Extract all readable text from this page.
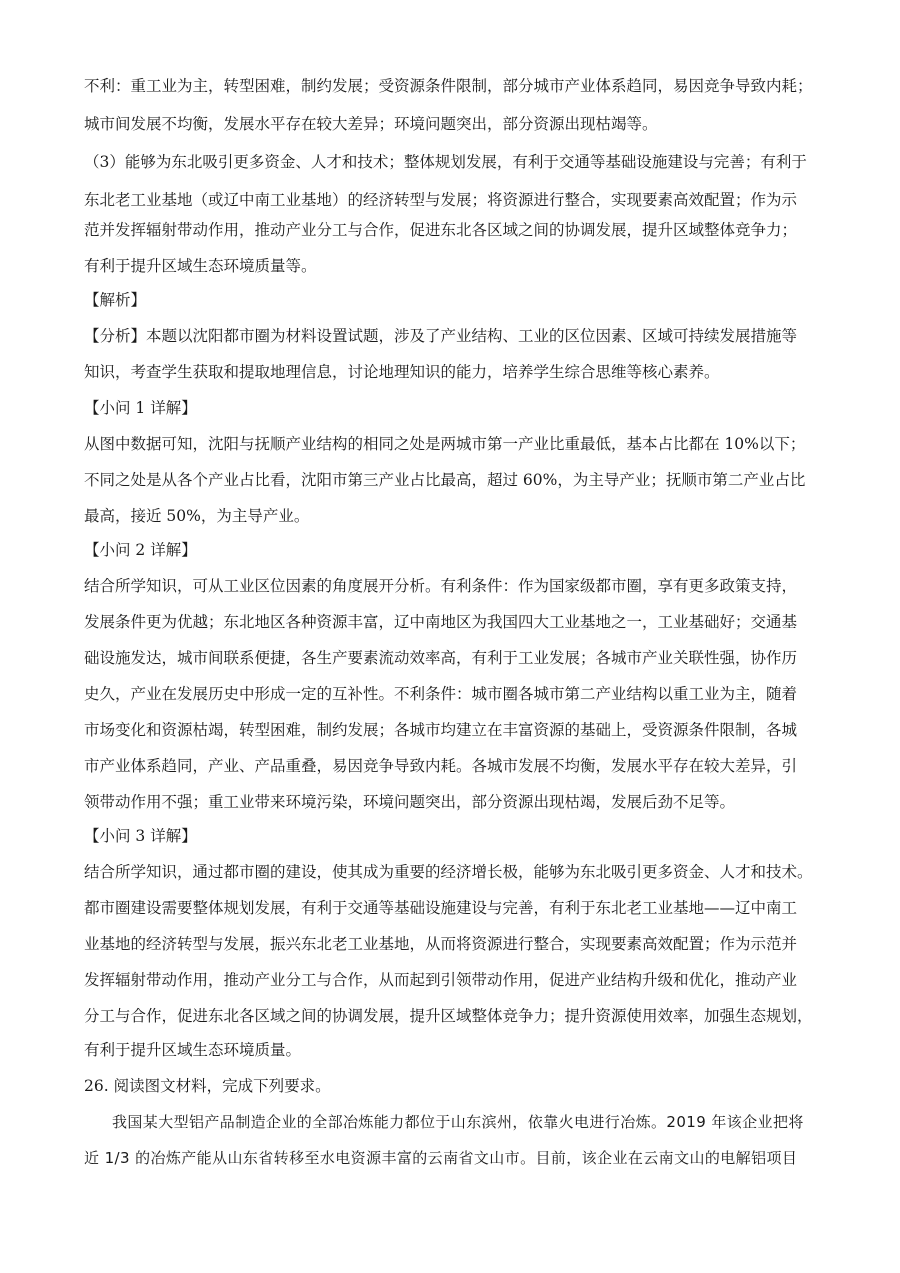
不利：重工业为主，转型困难，制约发展；受资源条件限制，部分城市产业体系趋同，易因竞争导致内耗；
城市间发展不均衡，发展水平存在较大差异；环境问题突出，部分资源出现枯竭等。
（3）能够为东北吸引更多资金、人才和技术；整体规划发展，有利于交通等基础设施建设与完善；有利于
东北老工业基地（或辽中南工业基地）的经济转型与发展；将资源进行整合，实现要素高效配置；作为示
范并发挥辐射带动作用，推动产业分工与合作，促进东北各区域之间的协调发展，提升区域整体竞争力；
有利于提升区域生态环境质量等。
【解析】
【分析】本题以沈阳都市圈为材料设置试题，涉及了产业结构、工业的区位因素、区域可持续发展措施等
知识，考查学生获取和提取地理信息，讨论地理知识的能力，培养学生综合思维等核心素养。
【小问 1 详解】
从图中数据可知，沈阳与抚顺产业结构的相同之处是两城市第一产业比重最低，基本占比都在 10%以下；
不同之处是从各个产业占比看，沈阳市第三产业占比最高，超过 60%，为主导产业；抚顺市第二产业占比
最高，接近 50%，为主导产业。
【小问 2 详解】
结合所学知识，可从工业区位因素的角度展开分析。有利条件：作为国家级都市圈，享有更多政策支持，
发展条件更为优越；东北地区各种资源丰富，辽中南地区为我国四大工业基地之一，工业基础好；交通基
础设施发达，城市间联系便捷，各生产要素流动效率高，有利于工业发展；各城市产业关联性强，协作历
史久，产业在发展历史中形成一定的互补性。不利条件：城市圈各城市第二产业结构以重工业为主，随着
市场变化和资源枯竭，转型困难，制约发展；各城市均建立在丰富资源的基础上，受资源条件限制，各城
市产业体系趋同，产业、产品重叠，易因竞争导致内耗。各城市发展不均衡，发展水平存在较大差异，引
领带动作用不强；重工业带来环境污染，环境问题突出，部分资源出现枯竭，发展后劲不足等。
【小问 3 详解】
结合所学知识，通过都市圈的建设，使其成为重要的经济增长极，能够为东北吸引更多资金、人才和技术。
都市圈建设需要整体规划发展，有利于交通等基础设施建设与完善，有利于东北老工业基地——辽中南工
业基地的经济转型与发展，振兴东北老工业基地，从而将资源进行整合，实现要素高效配置；作为示范并
发挥辐射带动作用，推动产业分工与合作，从而起到引领带动作用，促进产业结构升级和优化，推动产业
分工与合作，促进东北各区域之间的协调发展，提升区域整体竞争力；提升资源使用效率，加强生态规划，
有利于提升区域生态环境质量。
26. 阅读图文材料，完成下列要求。
我国某大型铝产品制造企业的全部冶炼能力都位于山东滨州，依靠火电进行冶炼。2019 年该企业把将
近 1/3 的冶炼产能从山东省转移至水电资源丰富的云南省文山市。目前，该企业在云南文山的电解铝项目
